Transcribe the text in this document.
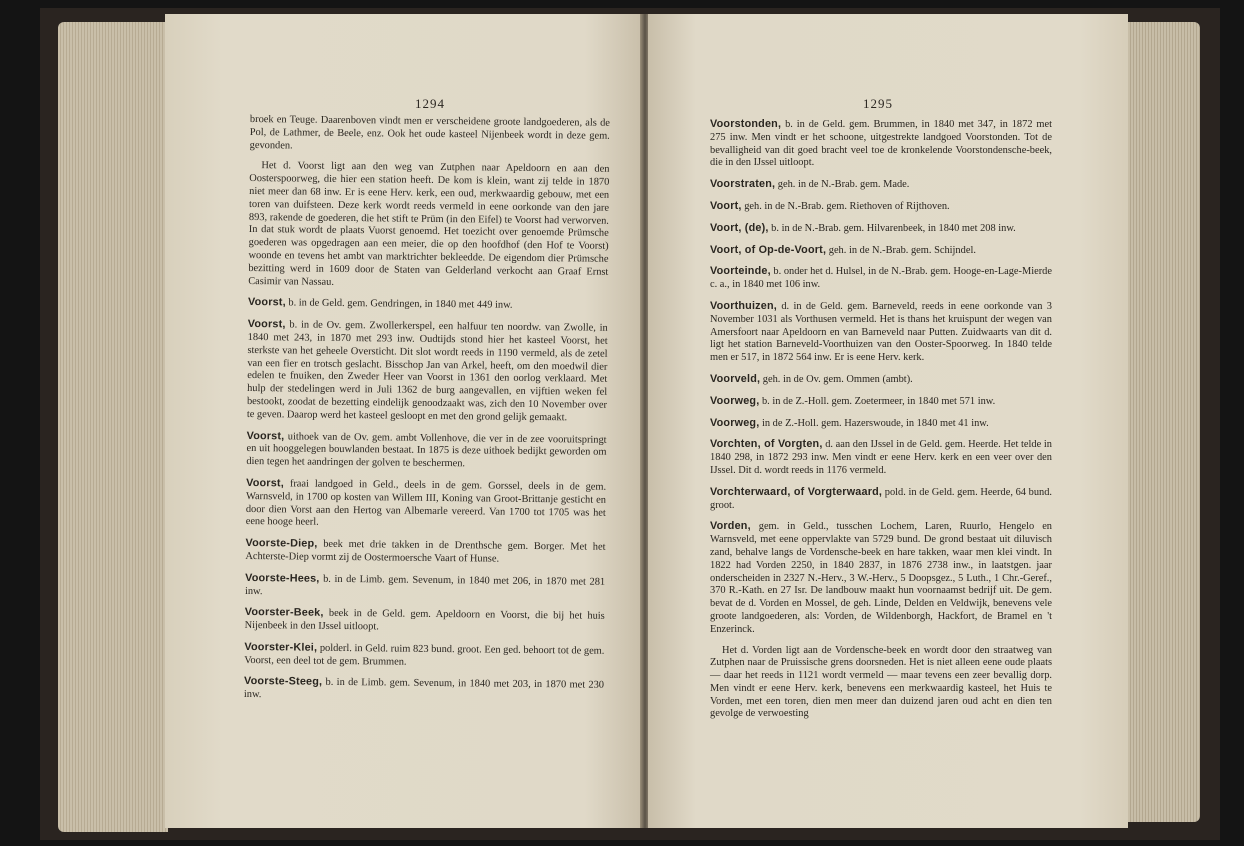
1294

broek en Teuge. Daarenboven vindt men er verscheidene groote landgoederen, als de Pol, de Lathmer, de Beele, enz. Ook het oude kasteel Nijenbeek wordt in deze gem. gevonden.

Het d. Voorst ligt aan den weg van Zutphen naar Apeldoorn en aan den Oosterspoorweg, die hier een station heeft. De kom is klein, want zij telde in 1870 niet meer dan 68 inw. Er is eene Herv. kerk, een oud, merkwaardig gebouw, met een toren van duifsteen. Deze kerk wordt reeds vermeld in eene oorkonde van den jare 893, rakende de goederen, die het stift te Prüm (in den Eifel) te Voorst had verworven. In dat stuk wordt de plaats Vuorst genoemd. Het toezicht over genoemde Prümsche goederen was opgedragen aan een meier, die op den hoofdhof (den Hof te Voorst) woonde en tevens het ambt van marktrichter bekleedde. De eigendom dier Prümsche bezitting werd in 1609 door de Staten van Gelderland verkocht aan Graaf Ernst Casimir van Nassau.

Voorst, b. in de Geld. gem. Gendringen, in 1840 met 449 inw.

Voorst, b. in de Ov. gem. Zwollerkerspel, een halfuur ten noordw. van Zwolle, in 1840 met 243, in 1870 met 293 inw. Oudtijds stond hier het kasteel Voorst, het sterkste van het geheele Oversticht. Dit slot wordt reeds in 1190 vermeld, als de zetel van een fier en trotsch geslacht. Bisschop Jan van Arkel, heeft, om den moedwil dier edelen te fnuiken, den Zweder Heer van Voorst in 1361 den oorlog verklaard. Met hulp der stedelingen werd in Juli 1362 de burg aangevallen, en vijftien weken fel bestookt, zoodat de bezetting eindelijk genoodzaakt was, zich den 10 November over te geven. Daarop werd het kasteel gesloopt en met den grond gelijk gemaakt.

Voorst, uithoek van de Ov. gem. ambt Vollenhove, die ver in de zee vooruitspringt en uit hooggelegen bouwlanden bestaat. In 1875 is deze uithoek bedijkt geworden om dien tegen het aandringen der golven te beschermen.

Voorst, fraai landgoed in Geld., deels in de gem. Gorssel, deels in de gem. Warnsveld, in 1700 op kosten van Willem III, Koning van Groot-Brittanje gesticht en door dien Vorst aan den Hertog van Albemarle vereerd. Van 1700 tot 1705 was het eene hooge heerl.

Voorste-Diep, beek met drie takken in de Drenthsche gem. Borger. Met het Achterste-Diep vormt zij de Oostermoersche Vaart of Hunse.

Voorste-Hees, b. in de Limb. gem. Sevenum, in 1840 met 206, in 1870 met 281 inw.

Voorster-Beek, beek in de Geld. gem. Apeldoorn en Voorst, die bij het huis Nijenbeek in den IJssel uitloopt.

Voorster-Klei, polderl. in Geld. ruim 823 bund. groot. Een ged. behoort tot de gem. Voorst, een deel tot de gem. Brummen.

Voorste-Steeg, b. in de Limb. gem. Sevenum, in 1840 met 203, in 1870 met 230 inw.

1295

Voorstonden, b. in de Geld. gem. Brummen, in 1840 met 347, in 1872 met 275 inw. Men vindt er het schoone, uitgestrekte landgoed Voorstonden. Tot de bevalligheid van dit goed bracht veel toe de kronkelende Voorstondensche-beek, die in den IJssel uitloopt.

Voorstraten, geh. in de N.-Brab. gem. Made.

Voort, geh. in de N.-Brab. gem. Riethoven of Rijthoven.

Voort, (de), b. in de N.-Brab. gem. Hilvarenbeek, in 1840 met 208 inw.

Voort, of Op-de-Voort, geh. in de N.-Brab. gem. Schijndel.

Voorteinde, b. onder het d. Hulsel, in de N.-Brab. gem. Hooge-en-Lage-Mierde c. a., in 1840 met 106 inw.

Voorthuizen, d. in de Geld. gem. Barneveld, reeds in eene oorkonde van 3 November 1031 als Vorthusen vermeld. Het is thans het kruispunt der wegen van Amersfoort naar Apeldoorn en van Barneveld naar Putten. Zuidwaarts van dit d. ligt het station Barneveld-Voorthuizen van den Ooster-Spoorweg. In 1840 telde men er 517, in 1872 564 inw. Er is eene Herv. kerk.

Voorveld, geh. in de Ov. gem. Ommen (ambt).

Voorweg, b. in de Z.-Holl. gem. Zoetermeer, in 1840 met 571 inw.

Voorweg, in de Z.-Holl. gem. Hazerswoude, in 1840 met 41 inw.

Vorchten, of Vorgten, d. aan den IJssel in de Geld. gem. Heerde. Het telde in 1840 298, in 1872 293 inw. Men vindt er eene Herv. kerk en een veer over den IJssel. Dit d. wordt reeds in 1176 vermeld.

Vorchterwaard, of Vorgterwaard, pold. in de Geld. gem. Heerde, 64 bund. groot.

Vorden, gem. in Geld., tusschen Lochem, Laren, Ruurlo, Hengelo en Warnsveld, met eene oppervlakte van 5729 bund. De grond bestaat uit diluvisch zand, behalve langs de Vordensche-beek en hare takken, waar men klei vindt. In 1822 had Vorden 2250, in 1840 2837, in 1876 2738 inw., in laatstgen. jaar onderscheiden in 2327 N.-Herv., 3 W.-Herv., 5 Doopsgez., 5 Luth., 1 Chr.-Geref., 370 R.-Kath. en 27 Isr. De landbouw maakt hun voornaamst bedrijf uit. De gem. bevat de d. Vorden en Mossel, de geh. Linde, Delden en Veldwijk, benevens vele groote landgoederen, als: Vorden, de Wildenborgh, Hackfort, de Bramel en 't Enzerinck.

Het d. Vorden ligt aan de Vordensche-beek en wordt door den straatweg van Zutphen naar de Pruissische grens doorsneden. Het is niet alleen eene oude plaats — daar het reeds in 1121 wordt vermeld — maar tevens een zeer bevallig dorp. Men vindt er eene Herv. kerk, benevens een merkwaardig kasteel, het Huis te Vorden, met een toren, dien men meer dan duizend jaren oud acht en dien ten gevolge de verwoesting
